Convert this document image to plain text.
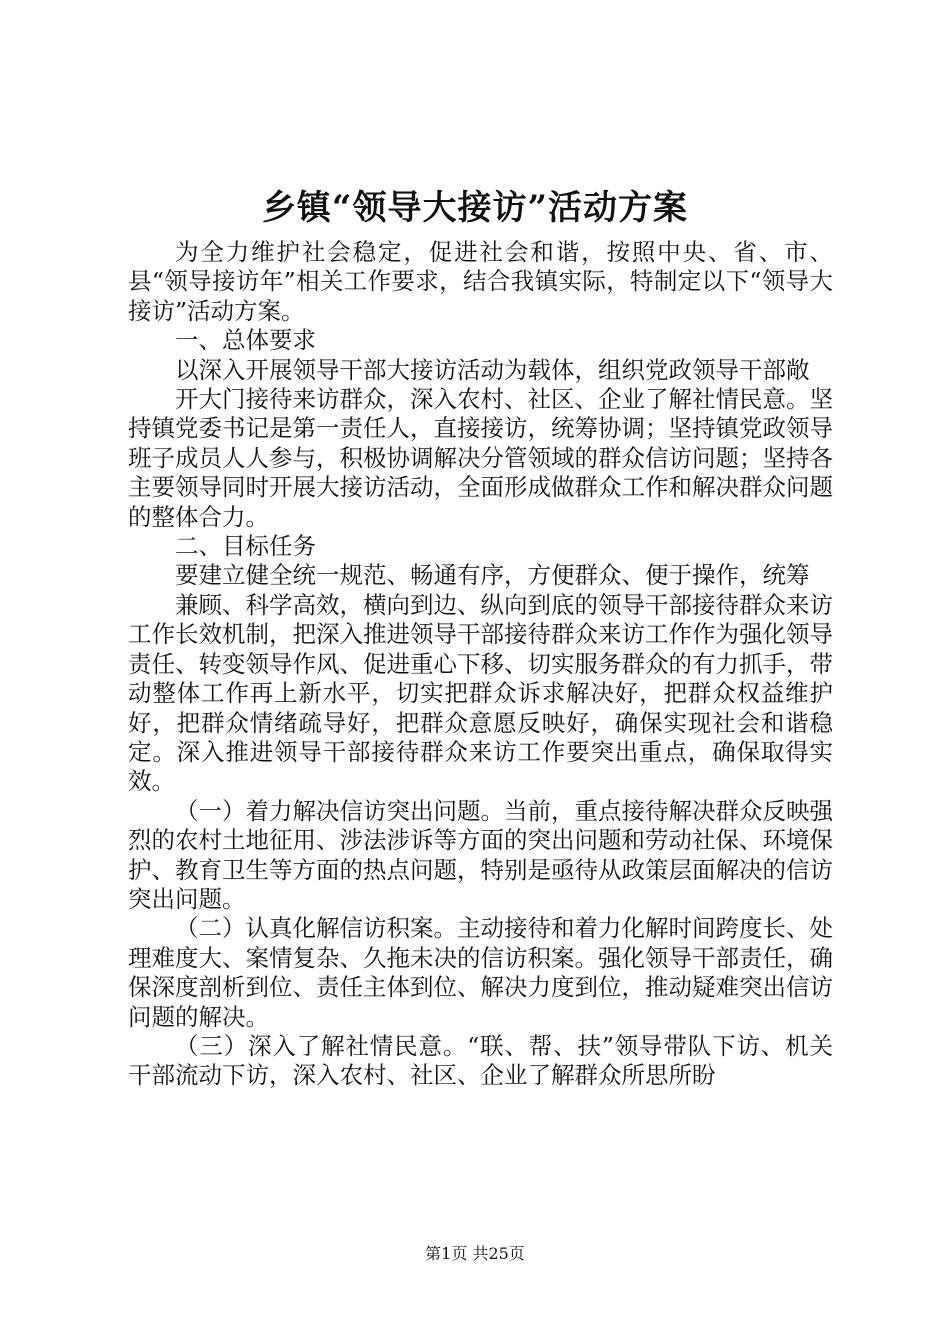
乡镇“领导大接访”活动方案

为全力维护社会稳定，促进社会和谐，按照中央、省、市、县“领导接访年”相关工作要求，结合我镇实际，特制定以下“领导大接访”活动方案。

一、总体要求

以深入开展领导干部大接访活动为载体，组织党政领导干部敞

开大门接待来访群众，深入农村、社区、企业了解社情民意。坚持镇党委书记是第一责任人，直接接访，统筹协调；坚持镇党政领导班子成员人人参与，积极协调解决分管领域的群众信访问题；坚持各主要领导同时开展大接访活动，全面形成做群众工作和解决群众问题的整体合力。

二、目标任务

要建立健全统一规范、畅通有序，方便群众、便于操作，统筹

兼顾、科学高效，横向到边、纵向到底的领导干部接待群众来访工作长效机制，把深入推进领导干部接待群众来访工作作为强化领导责任、转变领导作风、促进重心下移、切实服务群众的有力抓手，带动整体工作再上新水平，切实把群众诉求解决好，把群众权益维护好，把群众情绪疏导好，把群众意愿反映好，确保实现社会和谐稳定。深入推进领导干部接待群众来访工作要突出重点，确保取得实效。

（一）着力解决信访突出问题。当前，重点接待解决群众反映强烈的农村土地征用、涉法涉诉等方面的突出问题和劳动社保、环境保护、教育卫生等方面的热点问题，特别是亟待从政策层面解决的信访突出问题。

（二）认真化解信访积案。主动接待和着力化解时间跨度长、处理难度大、案情复杂、久拖未决的信访积案。强化领导干部责任，确保深度剖析到位、责任主体到位、解决力度到位，推动疑难突出信访问题的解决。

（三）深入了解社情民意。“联、帮、扶”领导带队下访、机关干部流动下访，深入农村、社区、企业了解群众所思所盼

第1页 共25页
